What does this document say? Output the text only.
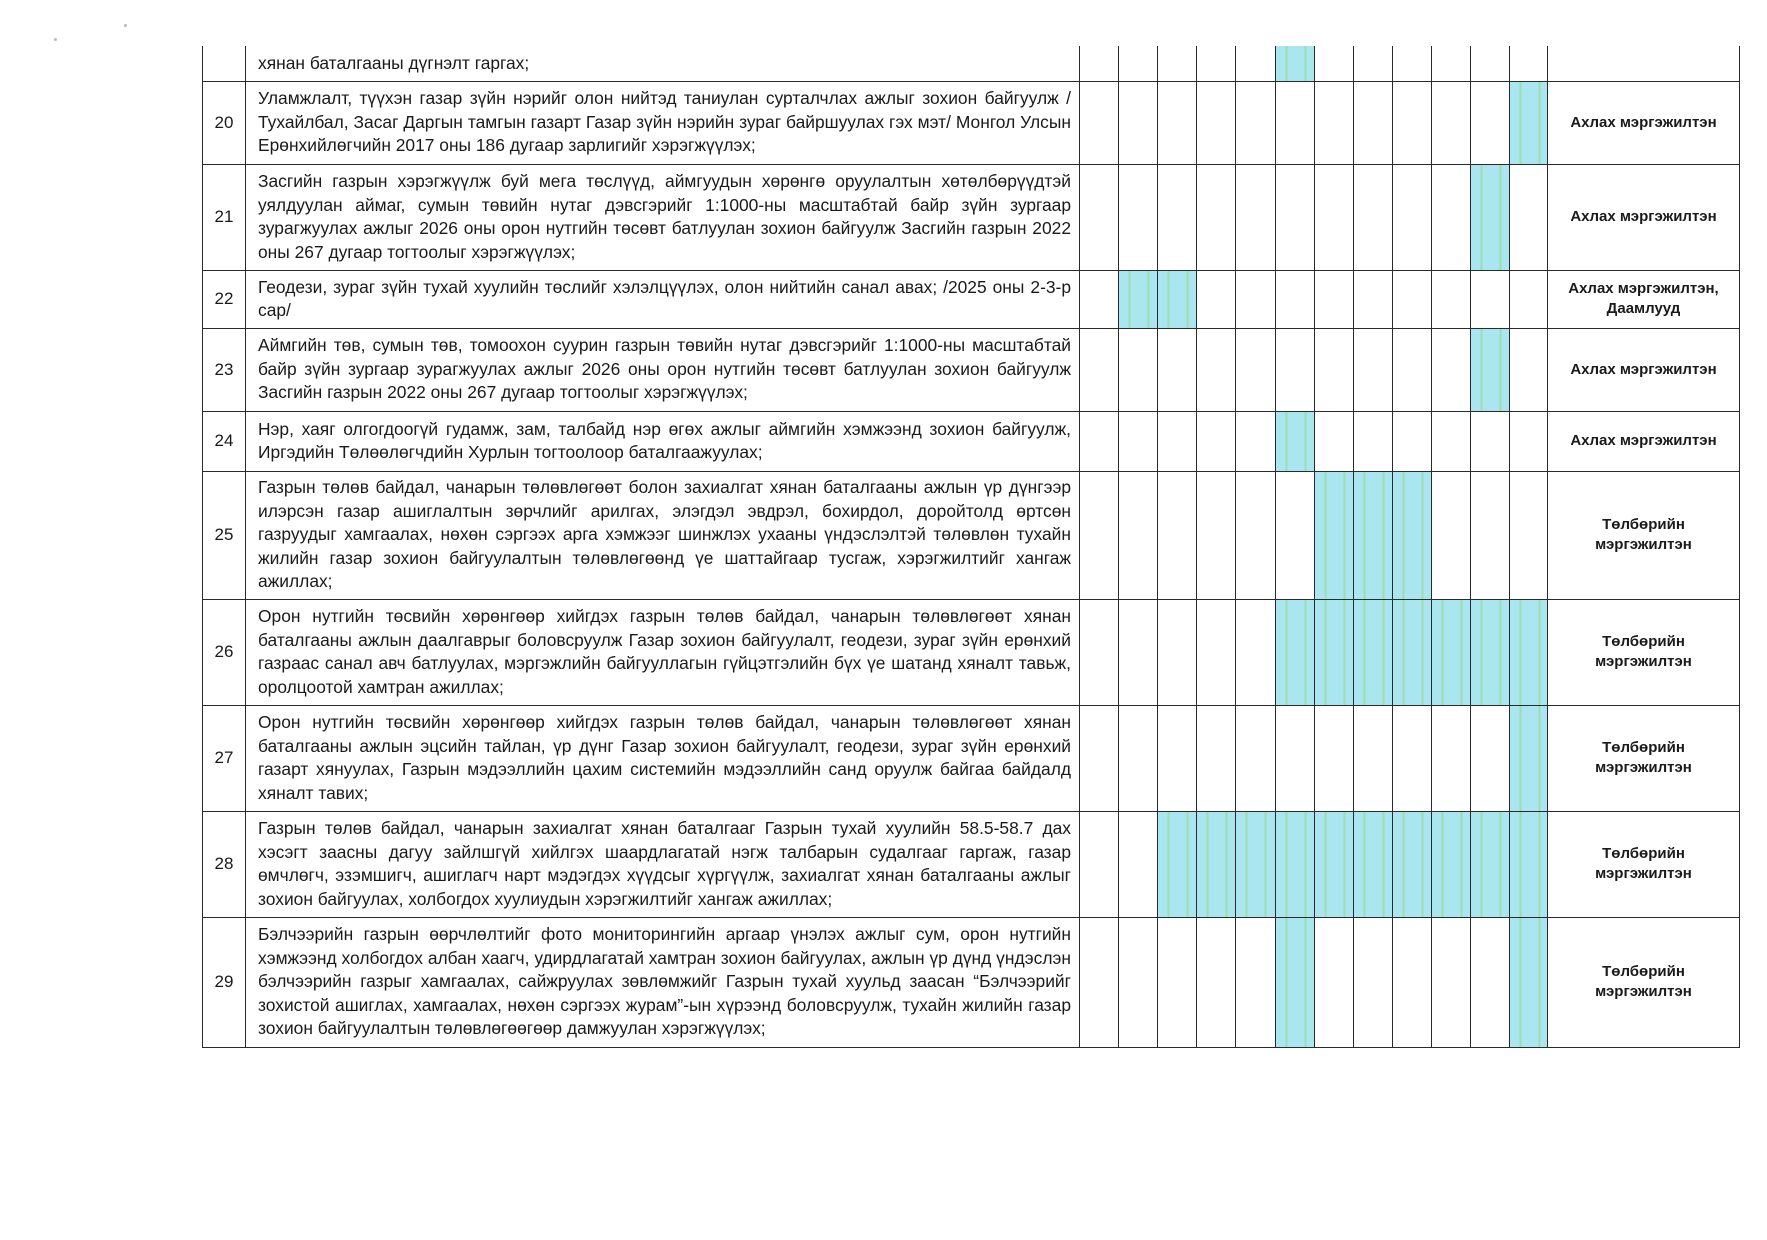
	хянан баталгааны дүгнэлт гаргах;													
20	Уламжлалт, түүхэн газар зүйн нэрийг олон нийтэд таниулан сурталчлах ажлыг зохион байгуулж /Тухайлбал, Засаг Даргын тамгын газарт Газар зүйн нэрийн зураг байршуулах гэх мэт/ Монгол Улсын Ерөнхийлөгчийн 2017 оны 186 дугаар зарлигийг хэрэгжүүлэх;													Ахлах мэргэжилтэн
21	Засгийн газрын хэрэгжүүлж буй мега төслүүд, аймгуудын хөрөнгө оруулалтын хөтөлбөрүүдтэй уялдуулан аймаг, сумын төвийн нутаг дэвсгэрийг 1:1000-ны масштабтай байр зүйн зургаар зурагжуулах ажлыг 2026 оны орон нутгийн төсөвт батлуулан зохион байгуулж Засгийн газрын 2022 оны 267 дугаар тогтоолыг хэрэгжүүлэх;													Ахлах мэргэжилтэн
22	Геодези, зураг зүйн тухай хуулийн төслийг хэлэлцүүлэх, олон нийтийн санал авах; /2025 оны 2-3-р сар/													Ахлах мэргэжилтэн, Даамлууд
23	Аймгийн төв, сумын төв, томоохон суурин газрын төвийн нутаг дэвсгэрийг 1:1000-ны масштабтай байр зүйн зургаар зурагжуулах ажлыг 2026 оны орон нутгийн төсөвт батлуулан зохион байгуулж Засгийн газрын 2022 оны 267 дугаар тогтоолыг хэрэгжүүлэх;													Ахлах мэргэжилтэн
24	Нэр, хаяг олгогдоогүй гудамж, зам, талбайд нэр өгөх ажлыг аймгийн хэмжээнд зохион байгуулж, Иргэдийн Төлөөлөгчдийн Хурлын тогтоолоор баталгаажуулах;													Ахлах мэргэжилтэн
25	Газрын төлөв байдал, чанарын төлөвлөгөөт болон захиалгат хянан баталгааны ажлын үр дүнгээр илэрсэн газар ашиглалтын зөрчлийг арилгах, элэгдэл эвдрэл, бохирдол, доройтолд өртсөн газруудыг хамгаалах, нөхөн сэргээх арга хэмжээг шинжлэх ухааны үндэслэлтэй төлөвлөн тухайн жилийн газар зохион байгуулалтын төлөвлөгөөнд үе шаттайгаар тусгаж, хэрэгжилтийг хангаж ажиллах;													Төлбөрийн мэргэжилтэн
26	Орон нутгийн төсвийн хөрөнгөөр хийгдэх газрын төлөв байдал, чанарын төлөвлөгөөт хянан баталгааны ажлын даалгаврыг боловсруулж Газар зохион байгуулалт, геодези, зураг зүйн ерөнхий газраас санал авч батлуулах, мэргэжлийн байгууллагын гүйцэтгэлийн бүх үе шатанд хяналт тавьж, оролцоотой хамтран ажиллах;													Төлбөрийн мэргэжилтэн
27	Орон нутгийн төсвийн хөрөнгөөр хийгдэх газрын төлөв байдал, чанарын төлөвлөгөөт хянан баталгааны ажлын эцсийн тайлан, үр дүнг Газар зохион байгуулалт, геодези, зураг зүйн ерөнхий газарт хянуулах, Газрын мэдээллийн цахим системийн мэдээллийн санд оруулж байгаа байдалд хяналт тавих;													Төлбөрийн мэргэжилтэн
28	Газрын төлөв байдал, чанарын захиалгат хянан баталгааг Газрын тухай хуулийн 58.5-58.7 дах хэсэгт заасны дагуу зайлшгүй хийлгэх шаардлагатай нэгж талбарын судалгааг гаргаж, газар өмчлөгч, эзэмшигч, ашиглагч нарт мэдэгдэх хүүдсыг хүргүүлж, захиалгат хянан баталгааны ажлыг зохион байгуулах, холбогдох хуулиудын хэрэгжилтийг хангаж ажиллах;													Төлбөрийн мэргэжилтэн
29	Бэлчээрийн газрын өөрчлөлтийг фото мониторингийн аргаар үнэлэх ажлыг сум, орон нутгийн хэмжээнд холбогдох албан хаагч, удирдлагатай хамтран зохион байгуулах, ажлын үр дүнд үндэслэн бэлчээрийн газрыг хамгаалах, сайжруулах зөвлөмжийг Газрын тухай хуульд заасан “Бэлчээрийг зохистой ашиглах, хамгаалах, нөхөн сэргээх журам”-ын хүрээнд боловсруулж, тухайн жилийн газар зохион байгуулалтын төлөвлөгөөгөөр дамжуулан хэрэгжүүлэх;													Төлбөрийн мэргэжилтэн
